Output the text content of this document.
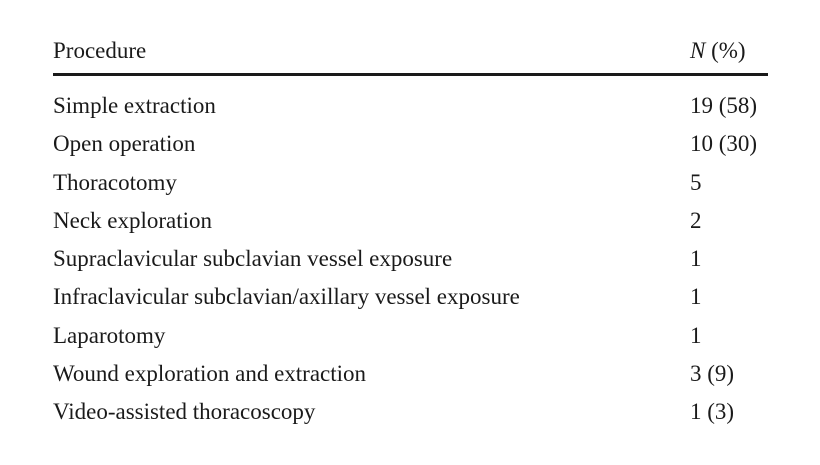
Procedure	N (%)
Simple extraction	19 (58)
Open operation	10 (30)
Thoracotomy	5
Neck exploration	2
Supraclavicular subclavian vessel exposure	1
Infraclavicular subclavian/axillary vessel exposure	1
Laparotomy	1
Wound exploration and extraction	3 (9)
Video-assisted thoracoscopy	1 (3)
